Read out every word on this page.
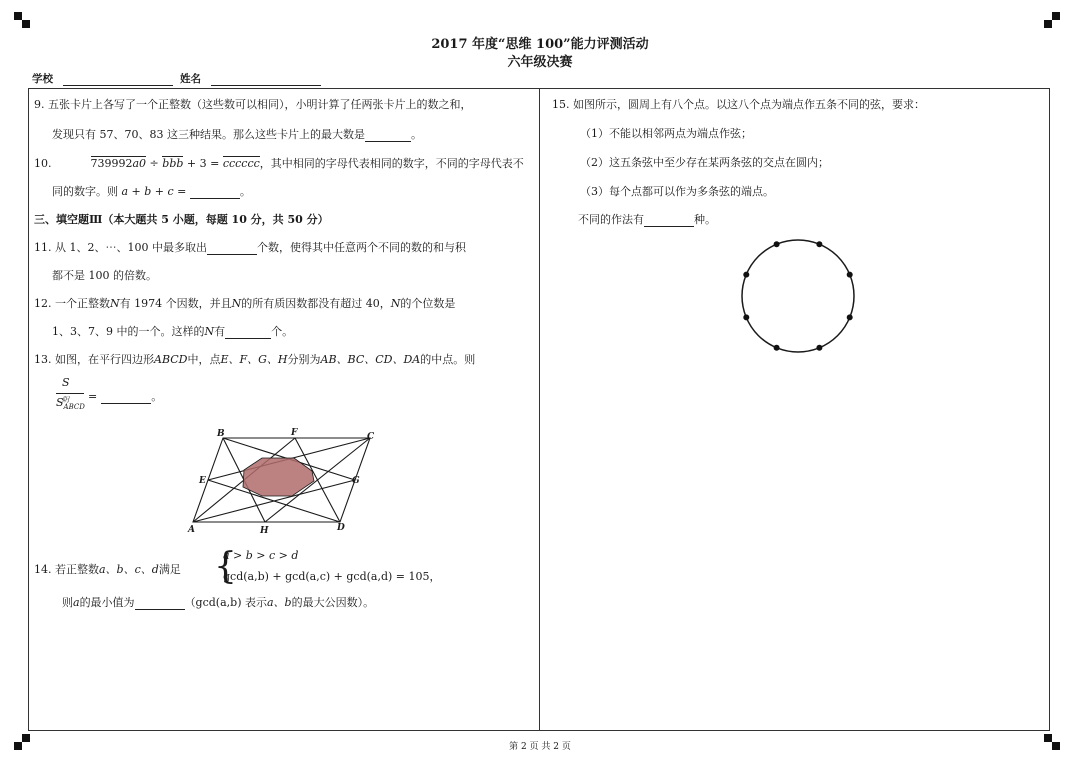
2017 年度“思维 100”能力评测活动
六年级决赛
学校	姓名
9. 五张卡片上各写了一个正整数（这些数可以相同），小明计算了任两张卡片上的数之和，
发现只有 57、70、83 这三种结果。那么这些卡片上的最大数是	。
10.	739992a0 ÷ bbb + 3 = cccccc，其中相同的字母代表相同的数字，不同的字母代表不
同的数字。则 a + b + c =	。
三、填空题Ⅲ（本大题共 5 小题，每题 10 分，共 50 分）
11. 从 1、2、⋯、100 中最多取出	个数，使得其中任意两个不同的数的和与积
都不是 100 的倍数。
12. 一个正整数N有 1974 个因数，并且N的所有质因数都没有超过 40，N的个位数是
1、3、7、9 中的一个。这样的N有	个。
13. 如图，在平行四边形ABCD中，点E、F、G、H分别为AB、BC、CD、DA的中点。则
$S_阴$
$S_{ABCD}$
=	。
B	F	C
E	G
A	H	D
14. 若正整数a、b、c、d满足 {
a > b > c > d
gcd(a,b) + gcd(a,c) + gcd(a,d) = 105，
则a的最小值为	（gcd(a,b) 表示a、b的最大公因数）。
15. 如图所示，圆周上有八个点。以这八个点为端点作五条不同的弦，要求：
（1）不能以相邻两点为端点作弦；
（2）这五条弦中至少存在某两条弦的交点在圆内；
（3）每个点都可以作为多条弦的端点。
不同的作法有	种。
第 2 页 共 2 页
